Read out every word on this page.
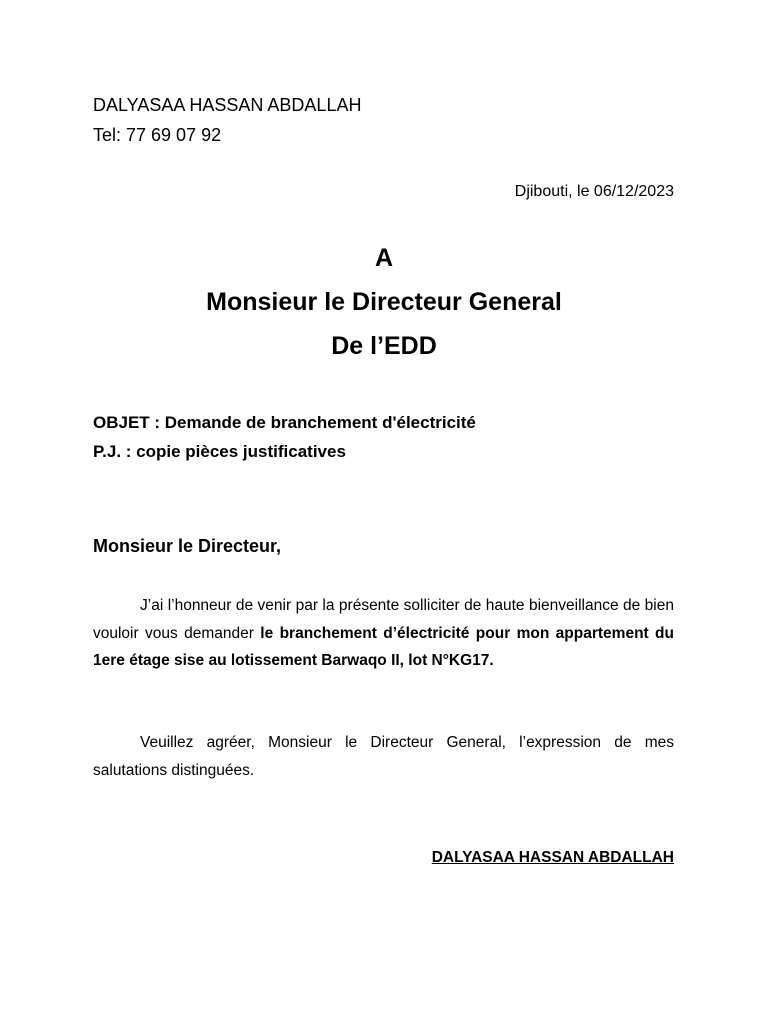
DALYASAA HASSAN ABDALLAH
Tel: 77 69 07 92
Djibouti, le 06/12/2023
A
Monsieur le Directeur General
De l’EDD
OBJET : Demande de branchement d'électricité
P.J. : copie pièces justificatives
Monsieur le Directeur,
J’ai l’honneur de venir par la présente solliciter de haute bienveillance de bien vouloir vous demander le branchement d’électricité pour mon appartement du 1ere étage sise au lotissement Barwaqo II, lot N°KG17.
Veuillez agréer, Monsieur le Directeur General, l’expression de mes salutations distinguées.
DALYASAA HASSAN ABDALLAH
